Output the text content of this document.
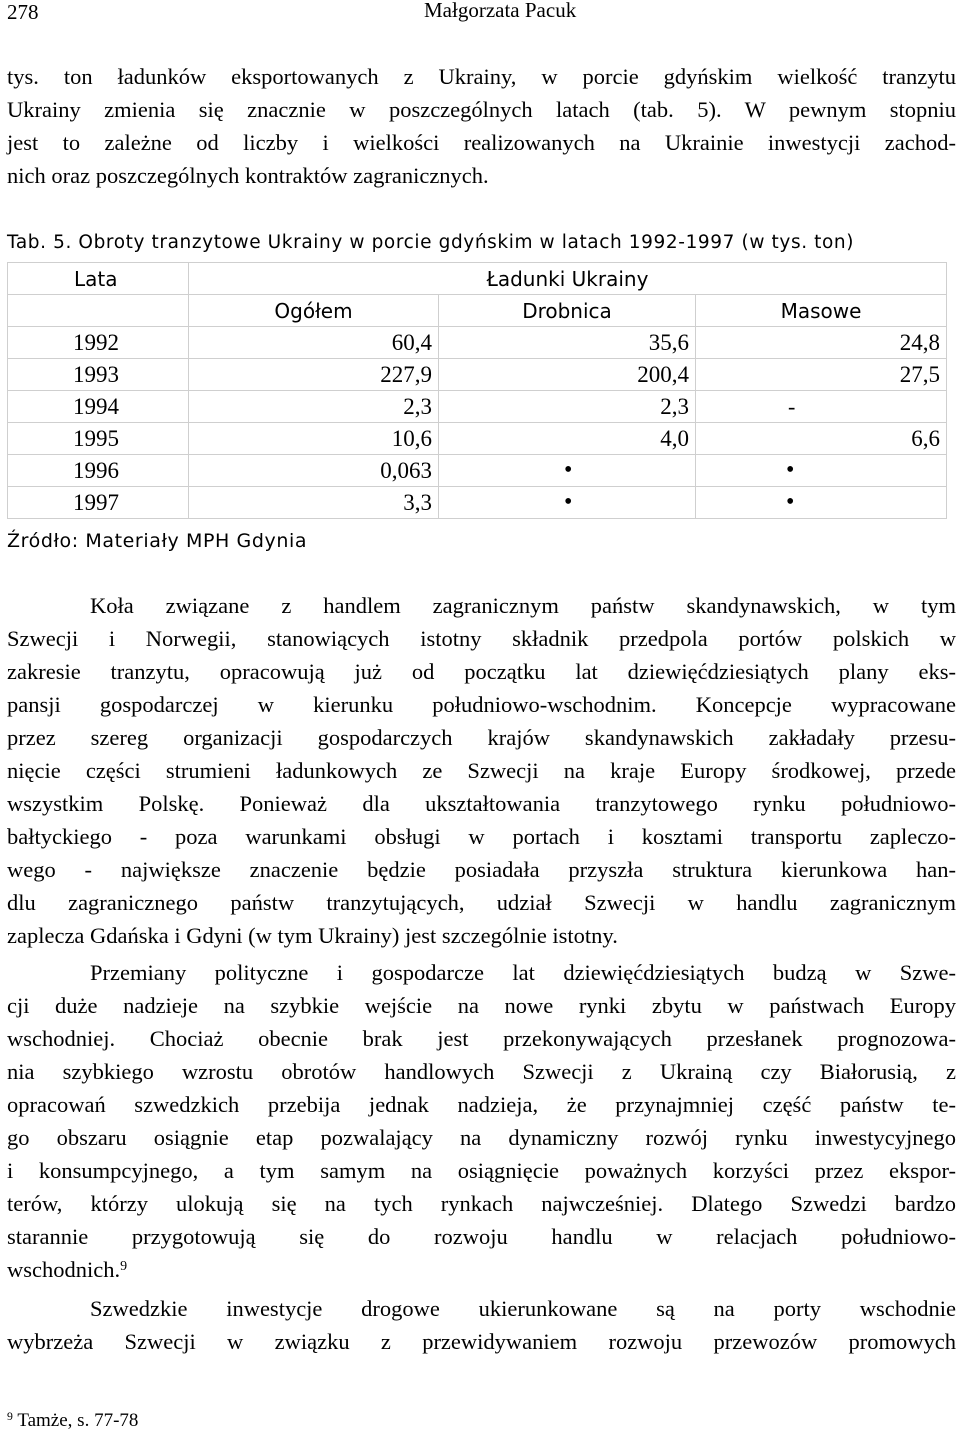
278	Małgorzata Pacuk
tys. ton ładunków eksportowanych z Ukrainy, w porcie gdyńskim wielkość tranzytu
Ukrainy zmienia się znacznie w poszczególnych latach (tab. 5). W pewnym stopniu
jest to zależne od liczby i wielkości realizowanych na Ukrainie inwestycji zachod-
nich oraz poszczególnych kontraktów zagranicznych.
Tab. 5. Obroty tranzytowe Ukrainy w porcie gdyńskim w latach 1992-1997 (w tys. ton)
Lata	Ładunki Ukrainy		
	Ogółem	Drobnica	Masowe
1992	60,4	35,6	24,8
1993	227,9	200,4	27,5
1994	2,3	2,3	-
1995	10,6	4,0	6,6
1996	0,063	•	•
1997	3,3	•	•
Źródło: Materiały MPH Gdynia
Koła związane z handlem zagranicznym państw skandynawskich, w tym
Szwecji i Norwegii, stanowiących istotny składnik przedpola portów polskich w
zakresie tranzytu, opracowują już od początku lat dziewięćdziesiątych plany eks-
pansji gospodarczej w kierunku południowo-wschodnim. Koncepcje wypracowane
przez szereg organizacji gospodarczych krajów skandynawskich zakładały przesu-
nięcie części strumieni ładunkowych ze Szwecji na kraje Europy środkowej, przede
wszystkim Polskę. Ponieważ dla ukształtowania tranzytowego rynku południowo-
bałtyckiego - poza warunkami obsługi w portach i kosztami transportu zapleczo-
wego - największe znaczenie będzie posiadała przyszła struktura kierunkowa han-
dlu zagranicznego państw tranzytujących, udział Szwecji w handlu zagranicznym
zaplecza Gdańska i Gdyni (w tym Ukrainy) jest szczególnie istotny.
Przemiany polityczne i gospodarcze lat dziewięćdziesiątych budzą w Szwe-
cji duże nadzieje na szybkie wejście na nowe rynki zbytu w państwach Europy
wschodniej. Chociaż obecnie brak jest przekonywających przesłanek prognozowa-
nia szybkiego wzrostu obrotów handlowych Szwecji z Ukrainą czy Białorusią, z
opracowań szwedzkich przebija jednak nadzieja, że przynajmniej część państw te-
go obszaru osiągnie etap pozwalający na dynamiczny rozwój rynku inwestycyjnego
i konsumpcyjnego, a tym samym na osiągnięcie poważnych korzyści przez ekspor-
terów, którzy ulokują się na tych rynkach najwcześniej. Dlatego Szwedzi bardzo
starannie przygotowują się do rozwoju handlu w relacjach południowo-
wschodnich.$^9$
Szwedzkie inwestycje drogowe ukierunkowane są na porty wschodnie
wybrzeża Szwecji w związku z przewidywaniem rozwoju przewozów promowych
$^9$ Tamże, s. 77-78
